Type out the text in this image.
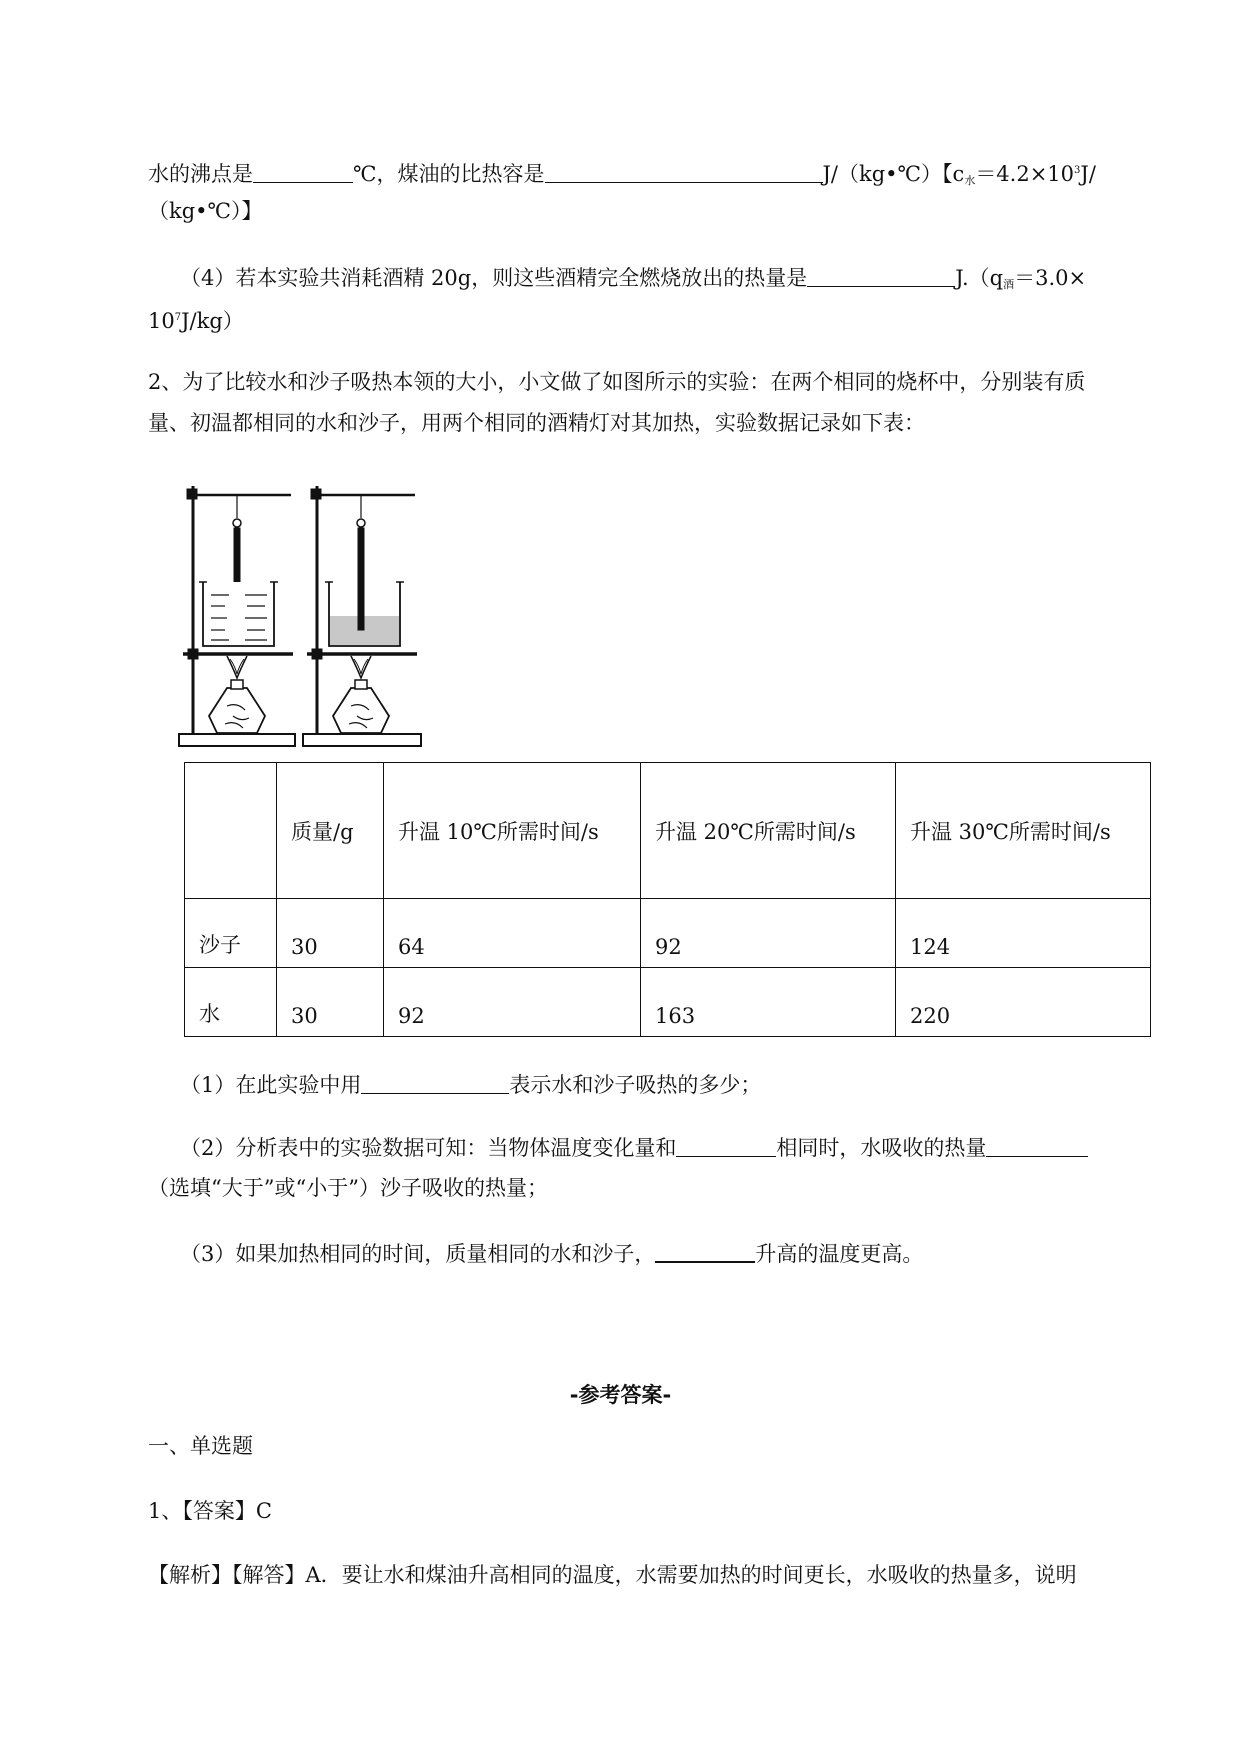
水的沸点是	℃，煤油的比热容是	J/（kg•℃）【$c_水=4.2\times 10^3J/$
（kg•℃）】
（4）若本实验共消耗酒精 20g，则这些酒精完全燃烧放出的热量是	$J.(q_酒=3.0\times$
$10^7J/kg$）
2、为了比较水和沙子吸热本领的大小，小文做了如图所示的实验：在两个相同的烧杯中，分别装有质
量、初温都相同的水和沙子，用两个相同的酒精灯对其加热，实验数据记录如下表：
	质量/g	升温 10℃所需时间/s	升温 20℃所需时间/s	升温 30℃所需时间/s
沙子	30	64	92	124
水	30	92	163	220
（1）在此实验中用	表示水和沙子吸热的多少；
（2）分析表中的实验数据可知：当物体温度变化量和	相同时，水吸收的热量
（选填“大于”或“小于”）沙子吸收的热量；
（3）如果加热相同的时间，质量相同的水和沙子，	升高的温度更高。
-参考答案-
一、单选题
1、【答案】C
【解析】【解答】A．要让水和煤油升高相同的温度，水需要加热的时间更长，水吸收的热量多，说明
